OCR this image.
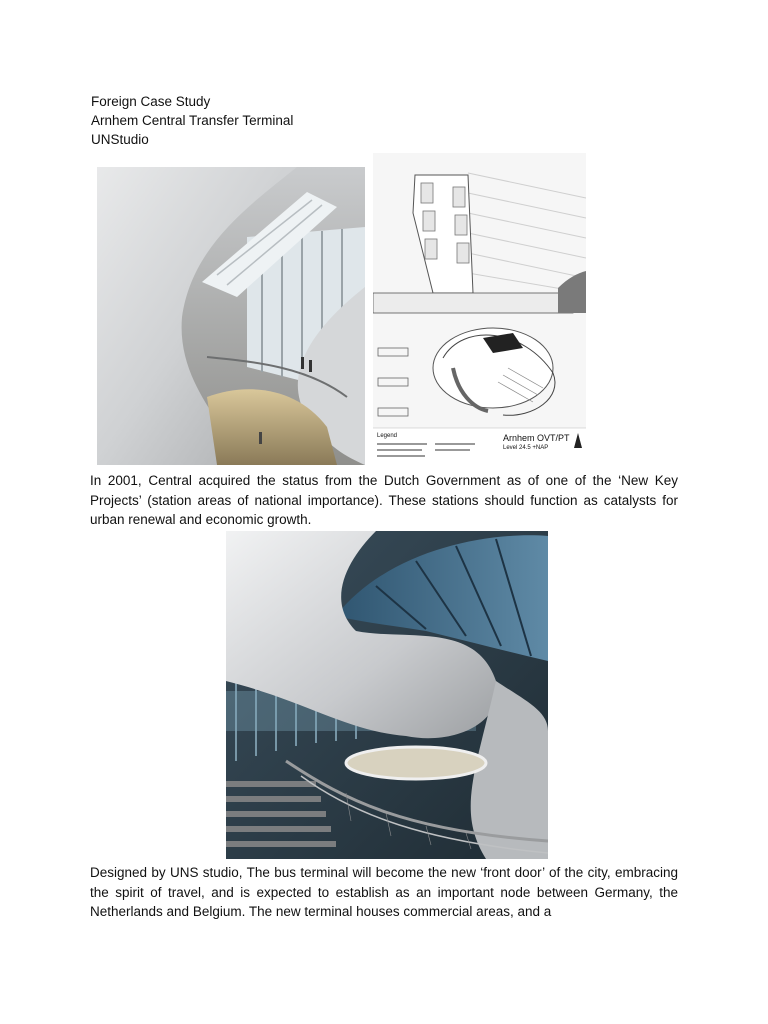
Foreign Case Study
Arnhem Central Transfer Terminal
UNStudio
Legend	Arnhem OVT/PT
Level 24.5 +NAP
In 2001, Central acquired the status from the Dutch Government as of one of the ‘New Key Projects’ (station areas of national importance). These stations should function as catalysts for urban renewal and economic growth.
Designed by UNS studio, The bus terminal will become the new ‘front door’ of the city, embracing the spirit of travel, and is expected to establish as an important node between Germany, the Netherlands and Belgium. The new terminal houses commercial areas, and a
